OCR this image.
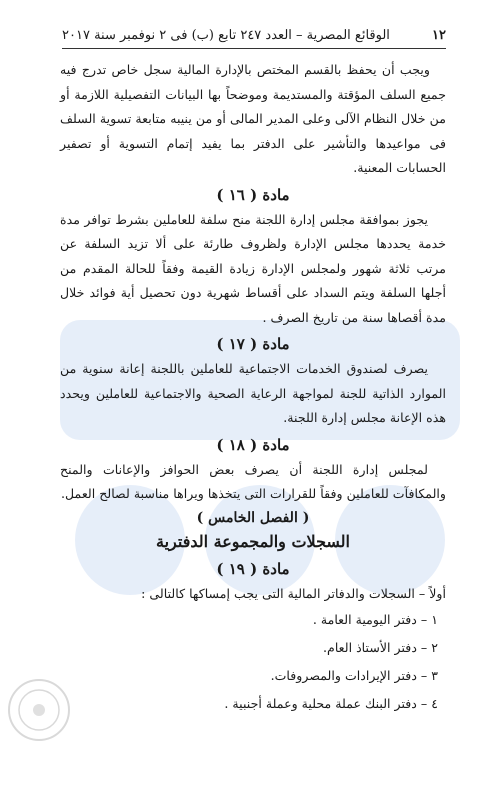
١٢
الوقائع المصرية – العدد ٢٤٧ تابع (ب) فى ٢ نوفمبر سنة ٢٠١٧

ويجب أن يحفظ بالقسم المختص بالإدارة المالية سجل خاص تدرج فيه جميع السلف المؤقتة والمستديمة وموضحاً بها البيانات التفصيلية اللازمة أو من خلال النظام الآلى وعلى المدير المالى أو من ينيبه متابعة تسوية السلف فى مواعيدها والتأشير على الدفتر بما يفيد إتمام التسوية أو تصفير الحسابات المعنية.

مادة ( ١٦ )

يجوز بموافقة مجلس إدارة اللجنة منح سلفة للعاملين بشرط توافر مدة خدمة يحددها مجلس الإدارة ولظروف طارئة على ألا تزيد السلفة عن مرتب ثلاثة شهور ولمجلس الإدارة زيادة القيمة وفقاً للحالة المقدم من أجلها السلفة ويتم السداد على أقساط شهرية دون تحصيل أية فوائد خلال مدة أقصاها سنة من تاريخ الصرف .

مادة ( ١٧ )

يصرف لصندوق الخدمات الاجتماعية للعاملين باللجنة إعانة سنوية من الموارد الذاتية للجنة لمواجهة الرعاية الصحية والاجتماعية للعاملين ويحدد هذه الإعانة مجلس إدارة اللجنة.

مادة ( ١٨ )

لمجلس إدارة اللجنة أن يصرف بعض الحوافز والإعانات والمنح والمكافآت للعاملين وفقاً للقرارات التى يتخذها ويراها مناسبة لصالح العمل.

( الفصل الخامس )
السجلات والمجموعة الدفترية
مادة ( ١٩ )

أولاً – السجلات والدفاتر المالية التى يجب إمساكها كالتالى :

١ – دفتر اليومية العامة .
٢ – دفتر الأستاذ العام.
٣ – دفتر الإيرادات والمصروفات.
٤ – دفتر البنك عملة محلية وعملة أجنبية .
